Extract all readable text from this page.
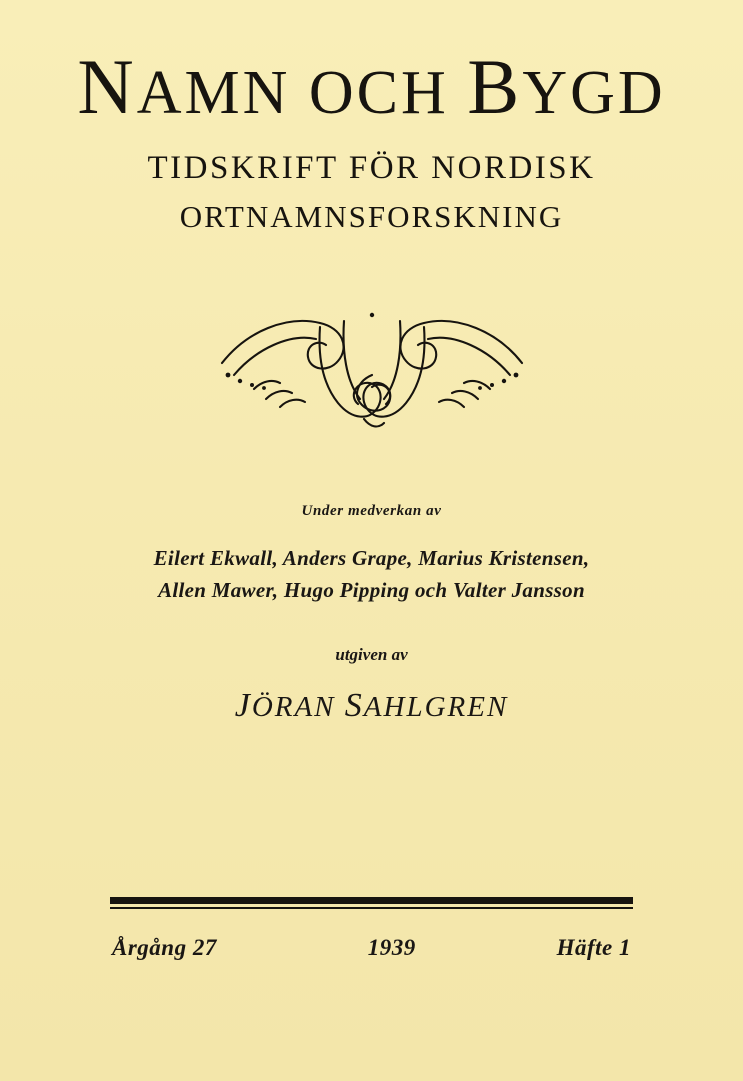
NAMN OCH BYGD

TIDSKRIFT FÖR NORDISK

ORTNAMNSFORSKNING

Under medverkan av

Eilert Ekwall, Anders Grape, Marius Kristensen,

Allen Mawer, Hugo Pipping och Valter Jansson

utgiven av

JÖRAN SAHLGREN

Årgång 27	1939	Häfte 1
